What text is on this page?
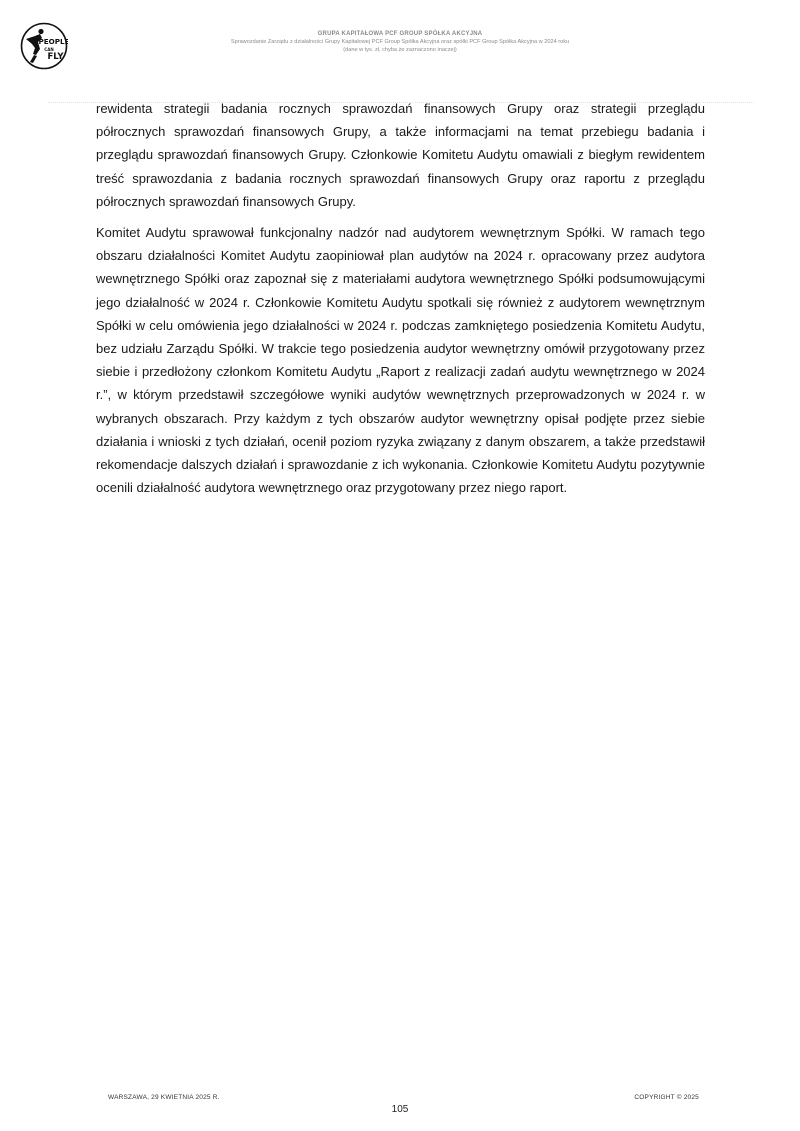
PEOPLE
CAN
FLY
GRUPA KAPITAŁOWA PCF GROUP SPÓŁKA AKCYJNA
Sprawozdanie Zarządu z działalności Grupy Kapitałowej PCF Group Spółka Akcyjna oraz spółki PCF Group Spółka Akcyjna w 2024 roku
(dane w tys. zł, chyba że zaznaczono inaczej)

rewidenta strategii badania rocznych sprawozdań finansowych Grupy oraz strategii przeglądu półrocznych sprawozdań finansowych Grupy, a także informacjami na temat przebiegu badania i przeglądu sprawozdań finansowych Grupy. Członkowie Komitetu Audytu omawiali z biegłym rewidentem treść sprawozdania z badania rocznych sprawozdań finansowych Grupy oraz raportu z przeglądu półrocznych sprawozdań finansowych Grupy.

Komitet Audytu sprawował funkcjonalny nadzór nad audytorem wewnętrznym Spółki. W ramach tego obszaru działalności Komitet Audytu zaopiniował plan audytów na 2024 r. opracowany przez audytora wewnętrznego Spółki oraz zapoznał się z materiałami audytora wewnętrznego Spółki podsumowującymi jego działalność w 2024 r. Członkowie Komitetu Audytu spotkali się również z audytorem wewnętrznym Spółki w celu omówienia jego działalności w 2024 r. podczas zamkniętego posiedzenia Komitetu Audytu, bez udziału Zarządu Spółki. W trakcie tego posiedzenia audytor wewnętrzny omówił przygotowany przez siebie i przedłożony członkom Komitetu Audytu „Raport z realizacji zadań audytu wewnętrznego w 2024 r.”, w którym przedstawił szczegółowe wyniki audytów wewnętrznych przeprowadzonych w 2024 r. w wybranych obszarach. Przy każdym z tych obszarów audytor wewnętrzny opisał podjęte przez siebie działania i wnioski z tych działań, ocenił poziom ryzyka związany z danym obszarem, a także przedstawił rekomendacje dalszych działań i sprawozdanie z ich wykonania. Członkowie Komitetu Audytu pozytywnie ocenili działalność audytora wewnętrznego oraz przygotowany przez niego raport.

WARSZAWA, 29 KWIETNIA 2025 R.	COPYRIGHT © 2025
105
